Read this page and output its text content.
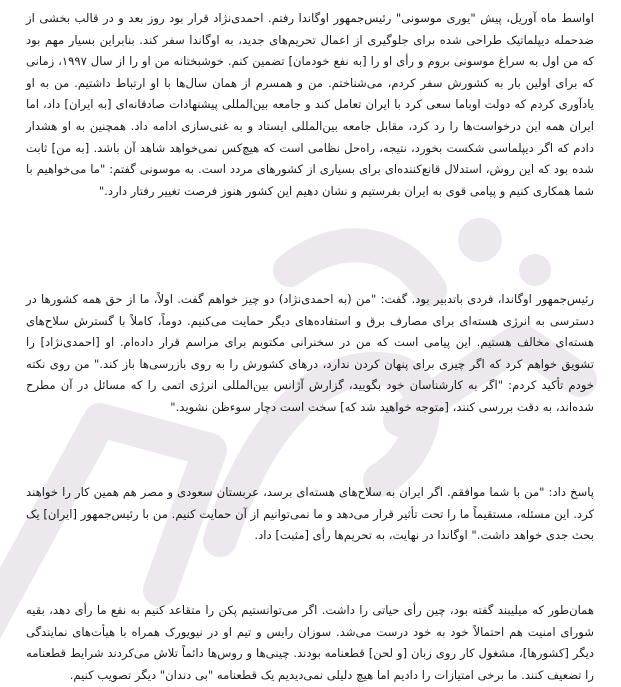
اواسط ماه آوریل، پیش "یوری موسونی" رئیس‌جمهور اوگاندا رفتم. احمدی‌نژاد قرار بود روز بعد و در قالب بخشی از ضدحمله دیپلماتیک طراحی شده برای جلوگیری از اعمال تحریم‌های جدید، به اوگاندا سفر کند. بنابراین بسیار مهم بود که من اول به سراغ موسونی بروم و رأی او را [به نفع خودمان] تضمین کنم. خوشبختانه من او را از سال ۱۹۹۷، زمانی که برای اولین بار به کشورش سفر کردم، می‌شناختم. من و همسرم از همان سال‌ها با او ارتباط داشتیم. من به او یادآوری کردم که دولت اوباما سعی کرد با ایران تعامل کند و جامعه بین‌المللی پیشنهادات صادقانه‌ای [به ایران] داد، اما ایران همه این درخواست‌ها را رد کرد، مقابل جامعه بین‌المللی ایستاد و به غنی‌سازی ادامه داد. همچنین به او هشدار دادم که اگر دیپلماسی شکست بخورد، نتیجه، راه‌حل نظامی است که هیچ‌کس نمی‌خواهد شاهد آن باشد. [به من] ثابت شده بود که این روش، استدلال قانع‌کننده‌ای برای بسیاری از کشورهای مردد است. به موسونی گفتم: "ما می‌خواهیم با شما همکاری کنیم و پیامی قوی به ایران بفرستیم و نشان دهیم این کشور هنوز فرصت تغییر رفتار دارد."

رئیس‌جمهور اوگاندا، فردی باتدبیر بود. گفت: "من (به احمدی‌نژاد) دو چیز خواهم گفت. اولاً، ما از حق همه کشورها در دسترسی به انرژی هسته‌ای برای مصارف برق و استفاده‌های دیگر حمایت می‌کنیم. دوماً، کاملاً با گسترش سلاح‌های هسته‌ای مخالف هستیم. این پیامی است که من در سخنرانی مکتوبم برای مراسم قرار داده‌ام. او [احمدی‌نژاد] را تشویق خواهم کرد که اگر چیزی برای پنهان کردن ندارد، درهای کشورش را به روی بازرسی‌ها باز کند." من روی نکته خودم تأکید کردم: "اگر به کارشناسان خود بگویید، گزارش آژانس بین‌المللی انرژی اتمی را که مسائل در آن مطرح شده‌اند، به دقت بررسی کنند، [متوجه خواهید شد که] سخت است دچار سوءظن نشوید."

پاسخ داد: "من با شما موافقم. اگر ایران به سلاح‌های هسته‌ای برسد، عربستان سعودی و مصر هم همین کار را خواهند کرد. این مسئله، مستقیماً ما را تحت تأثیر قرار می‌دهد و ما نمی‌توانیم از آن حمایت کنیم. من با رئیس‌جمهور [ایران] یک بحث جدی خواهد داشت." اوگاندا در نهایت، به تحریم‌ها رأی [مثبت] داد.

همان‌طور که میلیبند گفته بود، چین رأی حیاتی را داشت. اگر می‌توانستیم پکن را متقاعد کنیم به نفع ما رأی دهد، بقیه شورای امنیت هم احتمالاً خود به خود درست می‌شد. سوزان رایس و تیم او در نیویورک همراه با هیأت‌های نمایندگی دیگر [کشورها]، مشغول کار روی زبان [و لحن] قطعنامه بودند. چینی‌ها و روس‌ها دائماً تلاش می‌کردند شرایط قطعنامه را تضعیف کنند. ما برخی امتیازات را دادیم اما هیچ دلیلی نمی‌دیدیم یک قطعنامه "بی دندان" دیگر تصویب کنیم.
